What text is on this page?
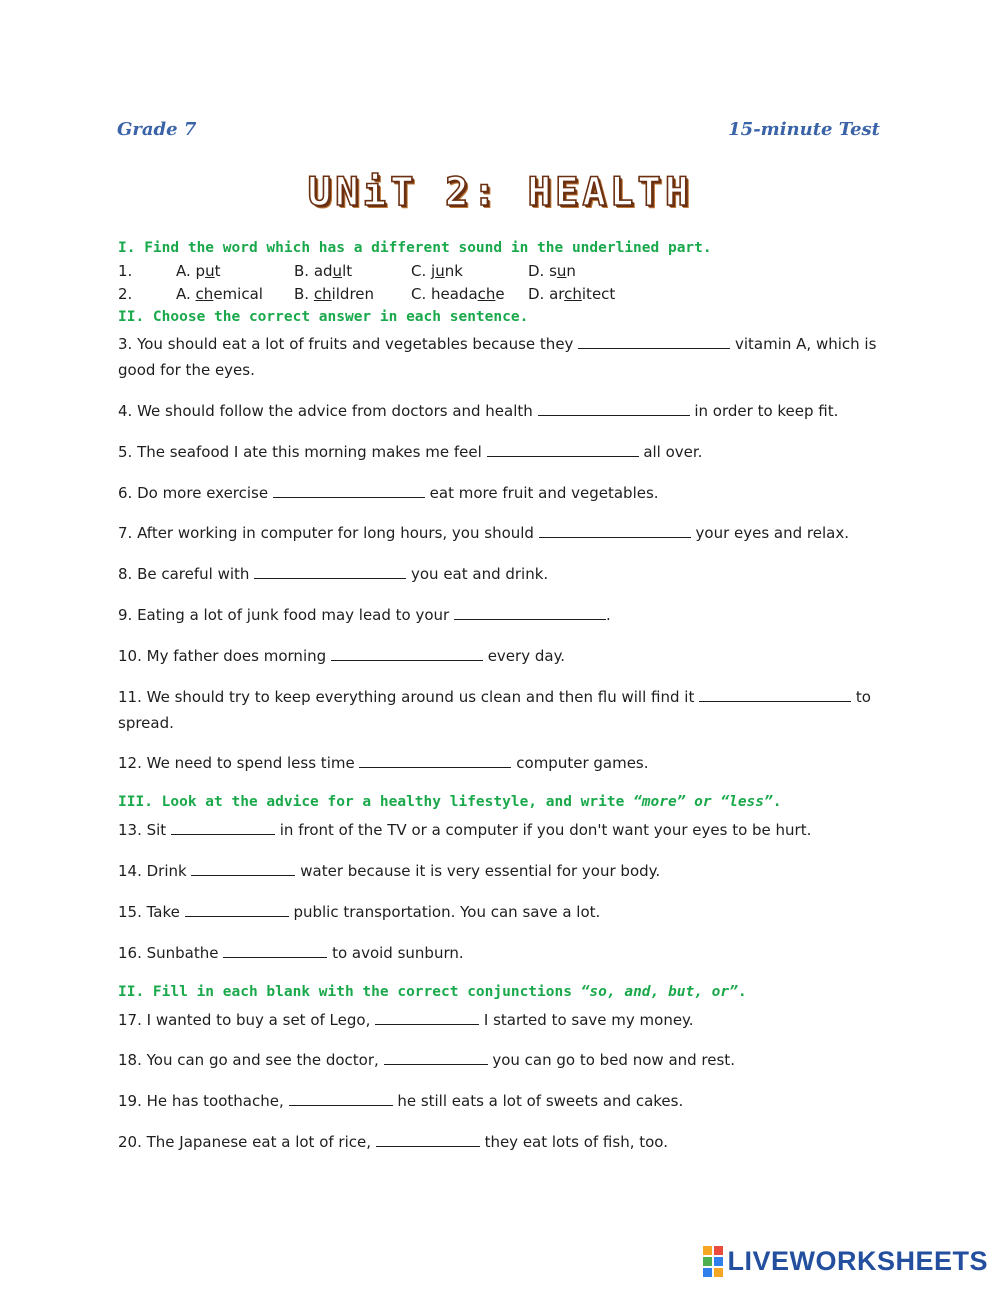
Grade 7	15-minute Test
UNiT 2: HEALTH
I. Find the word which has a different sound in the underlined part.
1.	A. put	B. adult	C. junk	D. sun
2.	A. chemical B. children C. headache D. architect
II. Choose the correct answer in each sentence.
3. You should eat a lot of fruits and vegetables because they	vitamin A, which is good for the eyes.
4. We should follow the advice from doctors and health	in order to keep fit.
5. The seafood I ate this morning makes me feel	all over.
6. Do more exercise	eat more fruit and vegetables.
7. After working in computer for long hours, you should	your eyes and relax.
8. Be careful with	you eat and drink.
9. Eating a lot of junk food may lead to your	.
10. My father does morning	every day.
11. We should try to keep everything around us clean and then flu will find it	to spread.
12. We need to spend less time	computer games.
III. Look at the advice for a healthy lifestyle, and write “more” or “less”.
13. Sit	in front of the TV or a computer if you don't want your eyes to be hurt.
14. Drink	water because it is very essential for your body.
15. Take	public transportation. You can save a lot.
16. Sunbathe	to avoid sunburn.
II. Fill in each blank with the correct conjunctions “so, and, but, or”.
17. I wanted to buy a set of Lego,	I started to save my money.
18. You can go and see the doctor,	you can go to bed now and rest.
19. He has toothache,	he still eats a lot of sweets and cakes.
20. The Japanese eat a lot of rice,	they eat lots of fish, too.
LIVEWORKSHEETS
